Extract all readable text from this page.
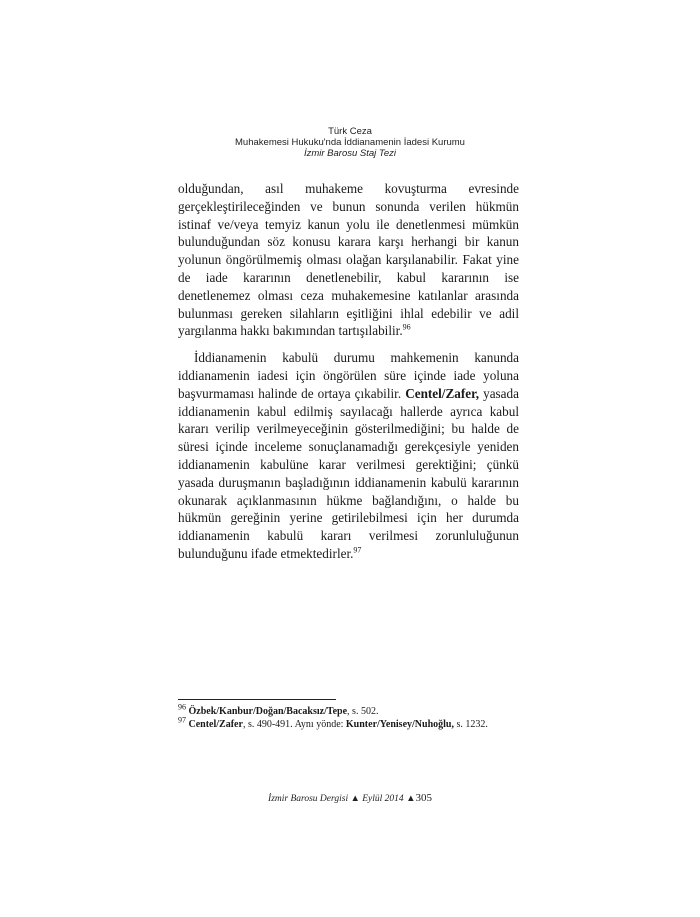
Türk Ceza
Muhakemesi Hukuku'nda İddianamenin İadesi Kurumu
İzmir Barosu Staj Tezi

olduğundan, asıl muhakeme kovuşturma evresinde gerçekleştirileceğinden ve bunun sonunda verilen hükmün istinaf ve/veya temyiz kanun yolu ile denetlenmesi mümkün bulunduğundan söz konusu karara karşı herhangi bir kanun yolunun öngörülmemiş olması olağan karşılanabilir. Fakat yine de iade kararının denetlenebilir, kabul kararının ise denetlenemez olması ceza muhakemesine katılanlar arasında bulunması gereken silahların eşitliğini ihlal edebilir ve adil yargılanma hakkı bakımından tartışılabilir.$^{96}$

İddianamenin kabulü durumu mahkemenin kanunda iddianamenin iadesi için öngörülen süre içinde iade yoluna başvurmaması halinde de ortaya çıkabilir. Centel/Zafer, yasada iddianamenin kabul edilmiş sayılacağı hallerde ayrıca kabul kararı verilip verilmeyeceğinin gösterilmediğini; bu halde de süresi içinde inceleme sonuçlanamadığı gerekçesiyle yeniden iddianamenin kabulüne karar verilmesi gerektiğini; çünkü yasada duruşmanın başladığının iddianamenin kabulü kararının okunarak açıklanmasının hükme bağlandığını, o halde bu hükmün gereğinin yerine getirilebilmesi için her durumda iddianamenin kabulü kararı verilmesi zorunluluğunun bulunduğunu ifade etmektedirler.$^{97}$

$^{96}$ Özbek/Kanbur/Doğan/Bacaksız/Tepe, s. 502.
$^{97}$ Centel/Zafer, s. 490-491. Aynı yönde: Kunter/Yenisey/Nuhoğlu, s. 1232.
İzmir Barosu Dergisi ▲ Eylül 2014 ▲305
